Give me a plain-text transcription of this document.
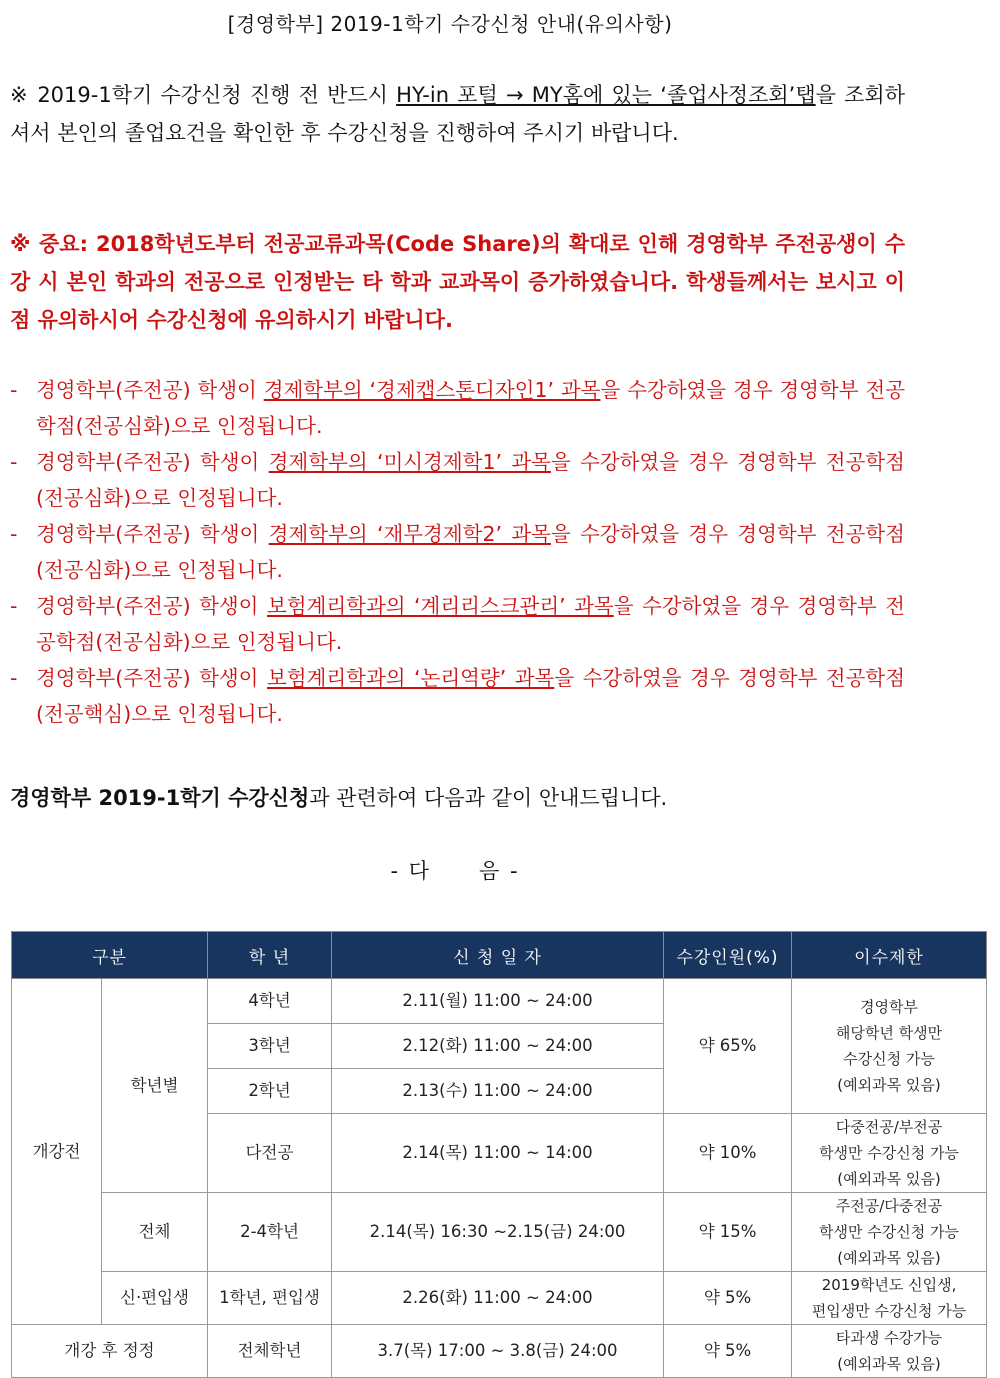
[경영학부] 2019-1학기 수강신청 안내(유의사항)

※ 2019-1학기 수강신청 진행 전 반드시 HY-in 포털 → MY홈에 있는 ‘졸업사정조회’탭을 조회하셔서 본인의 졸업요건을 확인한 후 수강신청을 진행하여 주시기 바랍니다.

※ 중요: 2018학년도부터 전공교류과목(Code Share)의 확대로 인해 경영학부 주전공생이 수강 시 본인 학과의 전공으로 인정받는 타 학과 교과목이 증가하였습니다. 학생들께서는 보시고 이 점 유의하시어 수강신청에 유의하시기 바랍니다.

- 경영학부(주전공) 학생이 경제학부의 ‘경제캡스톤디자인1’ 과목을 수강하였을 경우 경영학부 전공학점(전공심화)으로 인정됩니다.
- 경영학부(주전공) 학생이 경제학부의 ‘미시경제학1’ 과목을 수강하였을 경우 경영학부 전공학점(전공심화)으로 인정됩니다.
- 경영학부(주전공) 학생이 경제학부의 ‘재무경제학2’ 과목을 수강하였을 경우 경영학부 전공학점(전공심화)으로 인정됩니다.
- 경영학부(주전공) 학생이 보험계리학과의 ‘계리리스크관리’ 과목을 수강하였을 경우 경영학부 전공학점(전공심화)으로 인정됩니다.
- 경영학부(주전공) 학생이 보험계리학과의 ‘논리역량’ 과목을 수강하였을 경우 경영학부 전공학점(전공핵심)으로 인정됩니다.
경영학부 2019-1학기 수강신청과 관련하여 다음과 같이 안내드립니다.
- 다 음 -
구분		학 년	신 청 일 자	수강인원(%)	이수제한
개강전	학년별	4학년	2.11(월) 11:00 ~ 24:00	약 65%	경영학부
해당학년 학생만
수강신청 가능
(예외과목 있음)

		3학년	2.12(화) 11:00 ~ 24:00		
		2학년	2.13(수) 11:00 ~ 24:00		
		다전공	2.14(목) 11:00 ~ 14:00	약 10%	다중전공/부전공
학생만 수강신청 가능
(예외과목 있음)

	전체	2-4학년	2.14(목) 16:30 ~2.15(금) 24:00	약 15%	주전공/다중전공
학생만 수강신청 가능
(예외과목 있음)

	신·편입생	1학년, 편입생	2.26(화) 11:00 ~ 24:00	약 5%	2019학년도 신입생,
편입생만 수강신청 가능

개강 후 정정		전체학년	3.7(목) 17:00 ~ 3.8(금) 24:00	약 5%	타과생 수강가능
(예외과목 있음)
